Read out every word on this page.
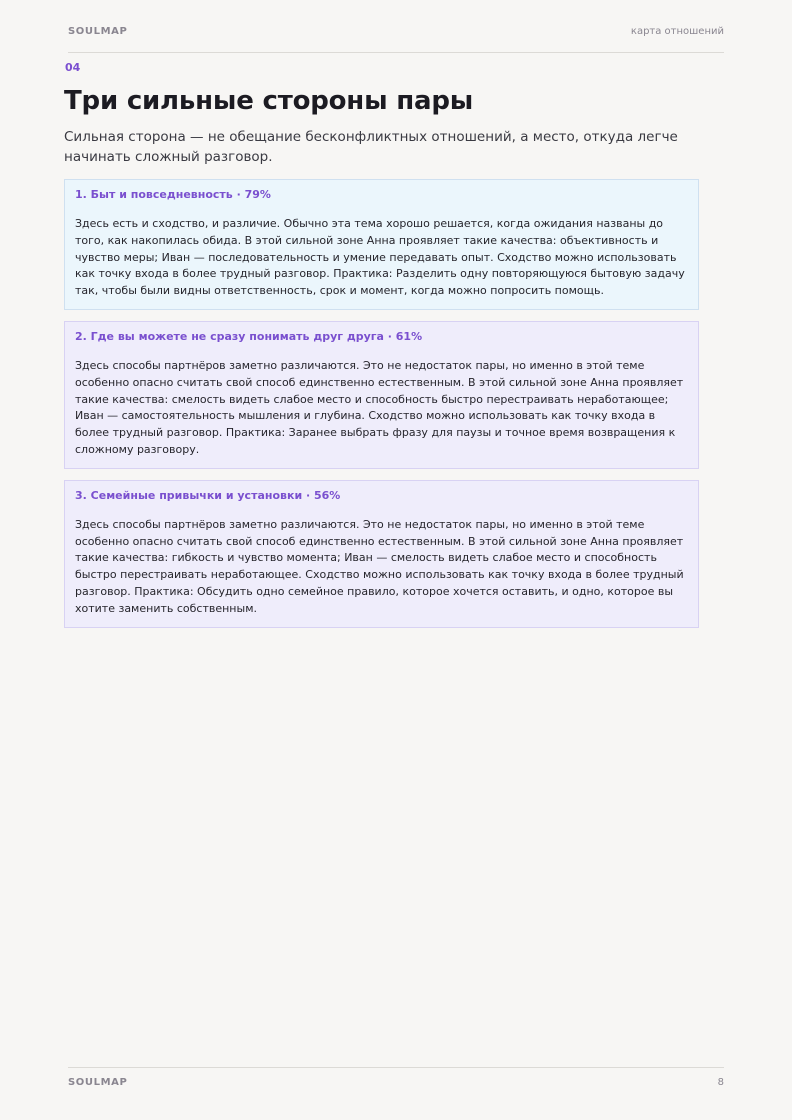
SOULMAP	карта отношений
04
Три сильные стороны пары

Сильная сторона — не обещание бесконфликтных отношений, а место, откуда легче начинать сложный разговор.

1. Быт и повседневность · 79%

Здесь есть и сходство, и различие. Обычно эта тема хорошо решается, когда ожидания названы до того, как накопилась обида. В этой сильной зоне Анна проявляет такие качества: объективность и чувство меры; Иван — последовательность и умение передавать опыт. Сходство можно использовать как точку входа в более трудный разговор. Практика: Разделить одну повторяющуюся бытовую задачу так, чтобы были видны ответственность, срок и момент, когда можно попросить помощь.

2. Где вы можете не сразу понимать друг друга · 61%

Здесь способы партнёров заметно различаются. Это не недостаток пары, но именно в этой теме особенно опасно считать свой способ единственно естественным. В этой сильной зоне Анна проявляет такие качества: смелость видеть слабое место и способность быстро перестраивать неработающее; Иван — самостоятельность мышления и глубина. Сходство можно использовать как точку входа в более трудный разговор. Практика: Заранее выбрать фразу для паузы и точное время возвращения к сложному разговору.

3. Семейные привычки и установки · 56%

Здесь способы партнёров заметно различаются. Это не недостаток пары, но именно в этой теме особенно опасно считать свой способ единственно естественным. В этой сильной зоне Анна проявляет такие качества: гибкость и чувство момента; Иван — смелость видеть слабое место и способность быстро перестраивать неработающее. Сходство можно использовать как точку входа в более трудный разговор. Практика: Обсудить одно семейное правило, которое хочется оставить, и одно, которое вы хотите заменить собственным.

SOULMAP	8
